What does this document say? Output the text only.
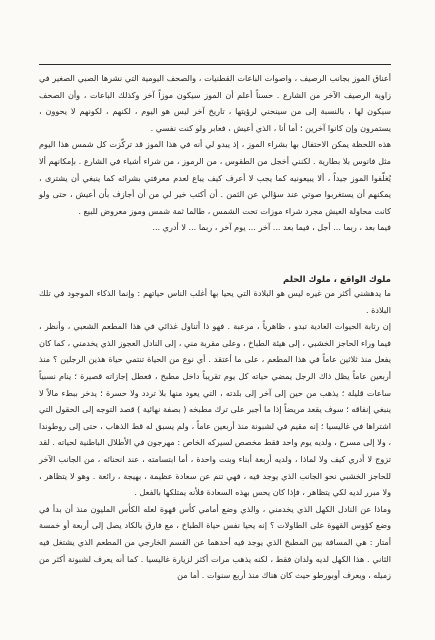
أعناق الموز بجانب الرصيف ، واصوات الباعات القطنيات ، والصحف اليومية التي نشرها الصبي الصغير في زاوية الرصيف الآخر من الشارع . حسناً أعلم أن الموز سيكون موزاً آخر وكذلك الباعات ، وأن الصحف سيكون لها ، بالنسبة إلى من سينحني لرؤيتها ، تاريخ آخر ليس هو اليوم ، لكنهم ، لكونهم لا يحوون ، يستمرون وإن كانوا آخرين ؛ أما أنا ، الذي أعيش ، فعابر ولو كنت نفسي .

هذه اللحظة يمكن الاحتفال بها بشراء الموز ، إذ يبدو لي أنه في هذا الموز قد تركّزت كل شمس هذا اليوم مثل فانوس بلا بطارية . لكنني أخجل من الطقوس ، من الرموز ، من شراء أشياء في الشارع . بإمكانهم ألا يُغلّفوا الموز جيداً ، ألا يبيعونيه كما يجب لا أعرف كيف يباع لعدم معرفتي بشرائه كما ينبغي أن يشترى ، يمكنهم أن يستغربوا صوتي عند سؤالي عن الثمن . أن أكتب خير لي من أن أجازف بأن أعيش ، حتى ولو كانت محاولة العيش مجرد شراء موزات تحت الشمس ، طالما ثمة شمس وموز معروض للبيع .

فيما بعد ، ربما ... أجل ، فيما بعد ... آخر ... يوم آخر ، ربما ... لا أدري ...

ملوك الواقع ، ملوك الحلم

ما يدهشني أكثر من غيره ليس هو البلادة التي يحيا بها أغلب الناس حياتهم : وإنما الذكاء الموجود في تلك البلادة .

إن رتابة الحيوات العادية تبدو ، ظاهرياً ، مرعبة . فهو ذا أتناول غذائي في هذا المطعم الشعبي ، وأنظر ، فيما وراء الحاجز الخشبي ، إلى هيئة الطباخ ، وعلى مقربة مني ، إلى النادل العجوز الذي يخدمني ، كما كان يفعل منذ ثلاثين عاماً في هذا المطعم ، على ما أعتقد . أي نوع من الحياة تنتمي حياة هذين الرجلين ؟ منذ أربعين عاماً يظل ذاك الرجل يمضي حياته كل يوم تقريباً داخل مطبخ ، فعطل إجازاته قصيرة ؛ ينام نسبياً ساعات قليلة ؛ يذهب من حين إلى آخر إلى بلدته ، التي يعود منها بلا تردد ولا حسرة ؛ يدخر ببطء مالاً لا ينبغي إنفاقه ؛ سوف يقعد مريضاً إذا ما أجبر على ترك مطبخه ( بصفة نهائية ) قصد التوجه إلى الحقول التي اشتراها في غاليسيا ؛ إنه مقيم في لشبونة منذ أربعين عاماً ، ولم يسبق له قط الذهاب ، حتى إلى روطوندا ، ولا إلى مسرح ، ولديه يوم واحد فقط مخصص لسيركه الخاص : مهرجون في الأطلال الباطنية لحياته . لقد تزوج لا أدري كيف ولا لماذا ، ولديه أربعة أبناء وبنت واحدة ، أما ابتسامته ، عند انحنائه ، من الجانب الآخر للحاجز الخشبي نحو الجانب الذي يوجد فيه ، فهي تنم عن سعادة عظيمة ، بهيجة ، رائعة . وهو لا يتظاهر ، ولا مبرر لديه لكي يتظاهر ، فإذا كان يحس بهذه السعادة فلأنه يمتلكها بالفعل .

وماذا عن النادل الكهل الذي يخدمني ، والذي وضع أمامي كأس قهوة لعله الكأس المليون منذ أن بدأ في وضع كؤوس القهوة على الطاولات ؟ إنه يحيا نفس حياة الطباخ ، مع فارق بالكاد يصل إلى أربعة أو خمسة أمتار : هي المسافة بين المطبخ الذي يوجد فيه أحدهما عن القسم الخارجي من المطعم الذي يشتغل فيه الثاني . هذا الكهل لديه ولدان فقط ، لكنه يذهب مرات أكثر لزيارة غاليسيا . كما أنه يعرف لشبونة أكثر من زميله ، ويعرف أوبورطو حيث كان هناك منذ أربع سنوات . أما من
